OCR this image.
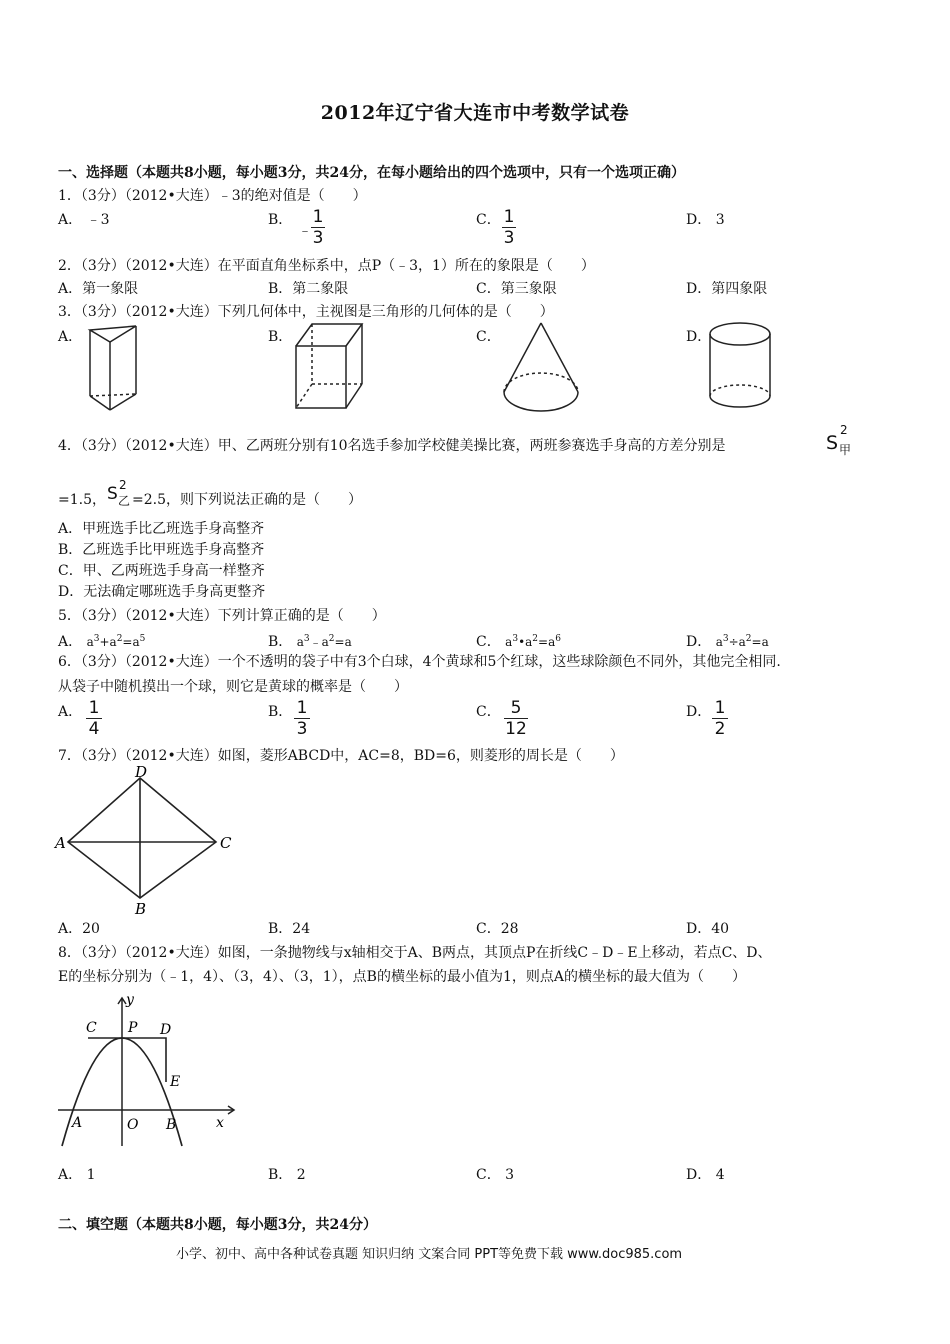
2012年辽宁省大连市中考数学试卷
一、选择题（本题共8小题，每小题3分，共24分，在每小题给出的四个选项中，只有一个选项正确）
1．（3分）（2012•大连）﹣3的绝对值是（　　）
A． ﹣3	B．
﹣
1
3
C． 1
3
D． 3
2．（3分）（2012•大连）在平面直角坐标系中，点P（﹣3，1）所在的象限是（　　）
A．第一象限	B．第二象限	C．第三象限	D．第四象限
3．（3分）（2012•大连）下列几何体中，主视图是三角形的几何体的是（　　）
A．	B．	C．	D．
4．（3分）（2012•大连）甲、乙两班分别有10名选手参加学校健美操比赛，两班参赛选手身高的方差分别是	S
2
甲
=1.5， S 2
乙 =2.5，则下列说法正确的是（　　）
A．甲班选手比乙班选手身高整齐
B．乙班选手比甲班选手身高整齐
C．甲、乙两班选手身高一样整齐
D．无法确定哪班选手身高更整齐
5．（3分）（2012•大连）下列计算正确的是（　　）
A． $a^3+a^2=a^5$	B． $a^3﹣a^2=a$	C． $a^3•a^2=a^6$	D． $a^3\div a^2=a$
6．（3分）（2012•大连）一个不透明的袋子中有3个白球，4个黄球和5个红球，这些球除颜色不同外，其他完全相同.
从袋子中随机摸出一个球，则它是黄球的概率是（　　）
A． 1
4
B． 1
3
C． 5
12
D． 1
2
7．（3分）（2012•大连）如图，菱形ABCD中，AC=8，BD=6，则菱形的周长是（　　）
D
C
B
A
A．20	B．24	C．28	D．40
8．（3分）（2012•大连）如图，一条抛物线与x轴相交于A、B两点，其顶点P在折线C﹣D﹣E上移动，若点C、D、
E的坐标分别为（﹣1，4）、（3，4）、（3，1），点B的横坐标的最小值为1，则点A的横坐标的最大值为（　　）
y
x
C P D
E
A	O B
A． 1	B． 2	C． 3	D． 4
二、填空题（本题共8小题，每小题3分，共24分）
小学、初中、高中各种试卷真题 知识归纳 文案合同 PPT等免费下载 www.doc985.com
